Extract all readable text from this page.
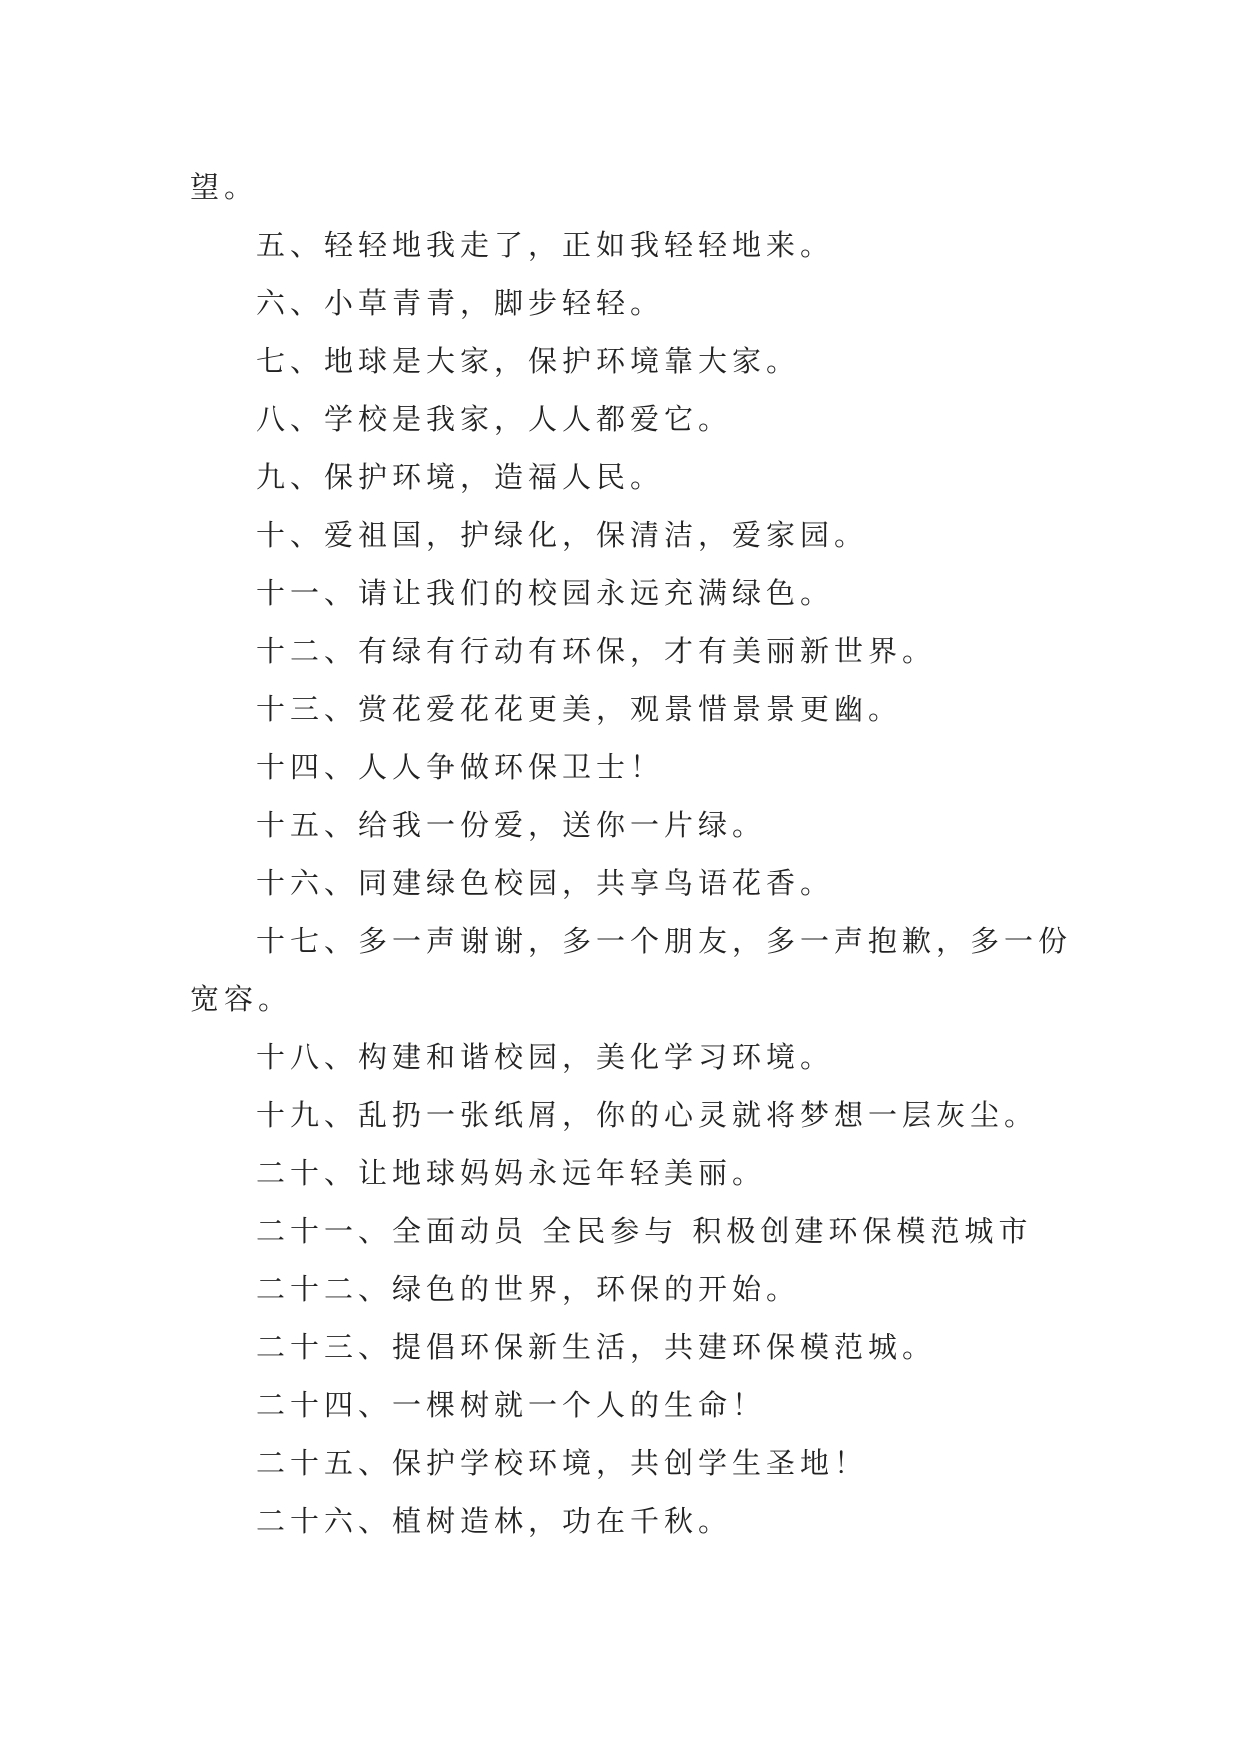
望。
五、轻轻地我走了，正如我轻轻地来。
六、小草青青，脚步轻轻。
七、地球是大家，保护环境靠大家。
八、学校是我家，人人都爱它。
九、保护环境，造福人民。
十、爱祖国，护绿化，保清洁，爱家园。
十一、请让我们的校园永远充满绿色。
十二、有绿有行动有环保，才有美丽新世界。
十三、赏花爱花花更美，观景惜景景更幽。
十四、人人争做环保卫士！
十五、给我一份爱，送你一片绿。
十六、同建绿色校园，共享鸟语花香。
十七、多一声谢谢，多一个朋友，多一声抱歉，多一份
宽容。
十八、构建和谐校园，美化学习环境。
十九、乱扔一张纸屑，你的心灵就将梦想一层灰尘。
二十、让地球妈妈永远年轻美丽。
二十一、全面动员 全民参与 积极创建环保模范城市
二十二、绿色的世界，环保的开始。
二十三、提倡环保新生活，共建环保模范城。
二十四、一棵树就一个人的生命！
二十五、保护学校环境，共创学生圣地！
二十六、植树造林，功在千秋。
